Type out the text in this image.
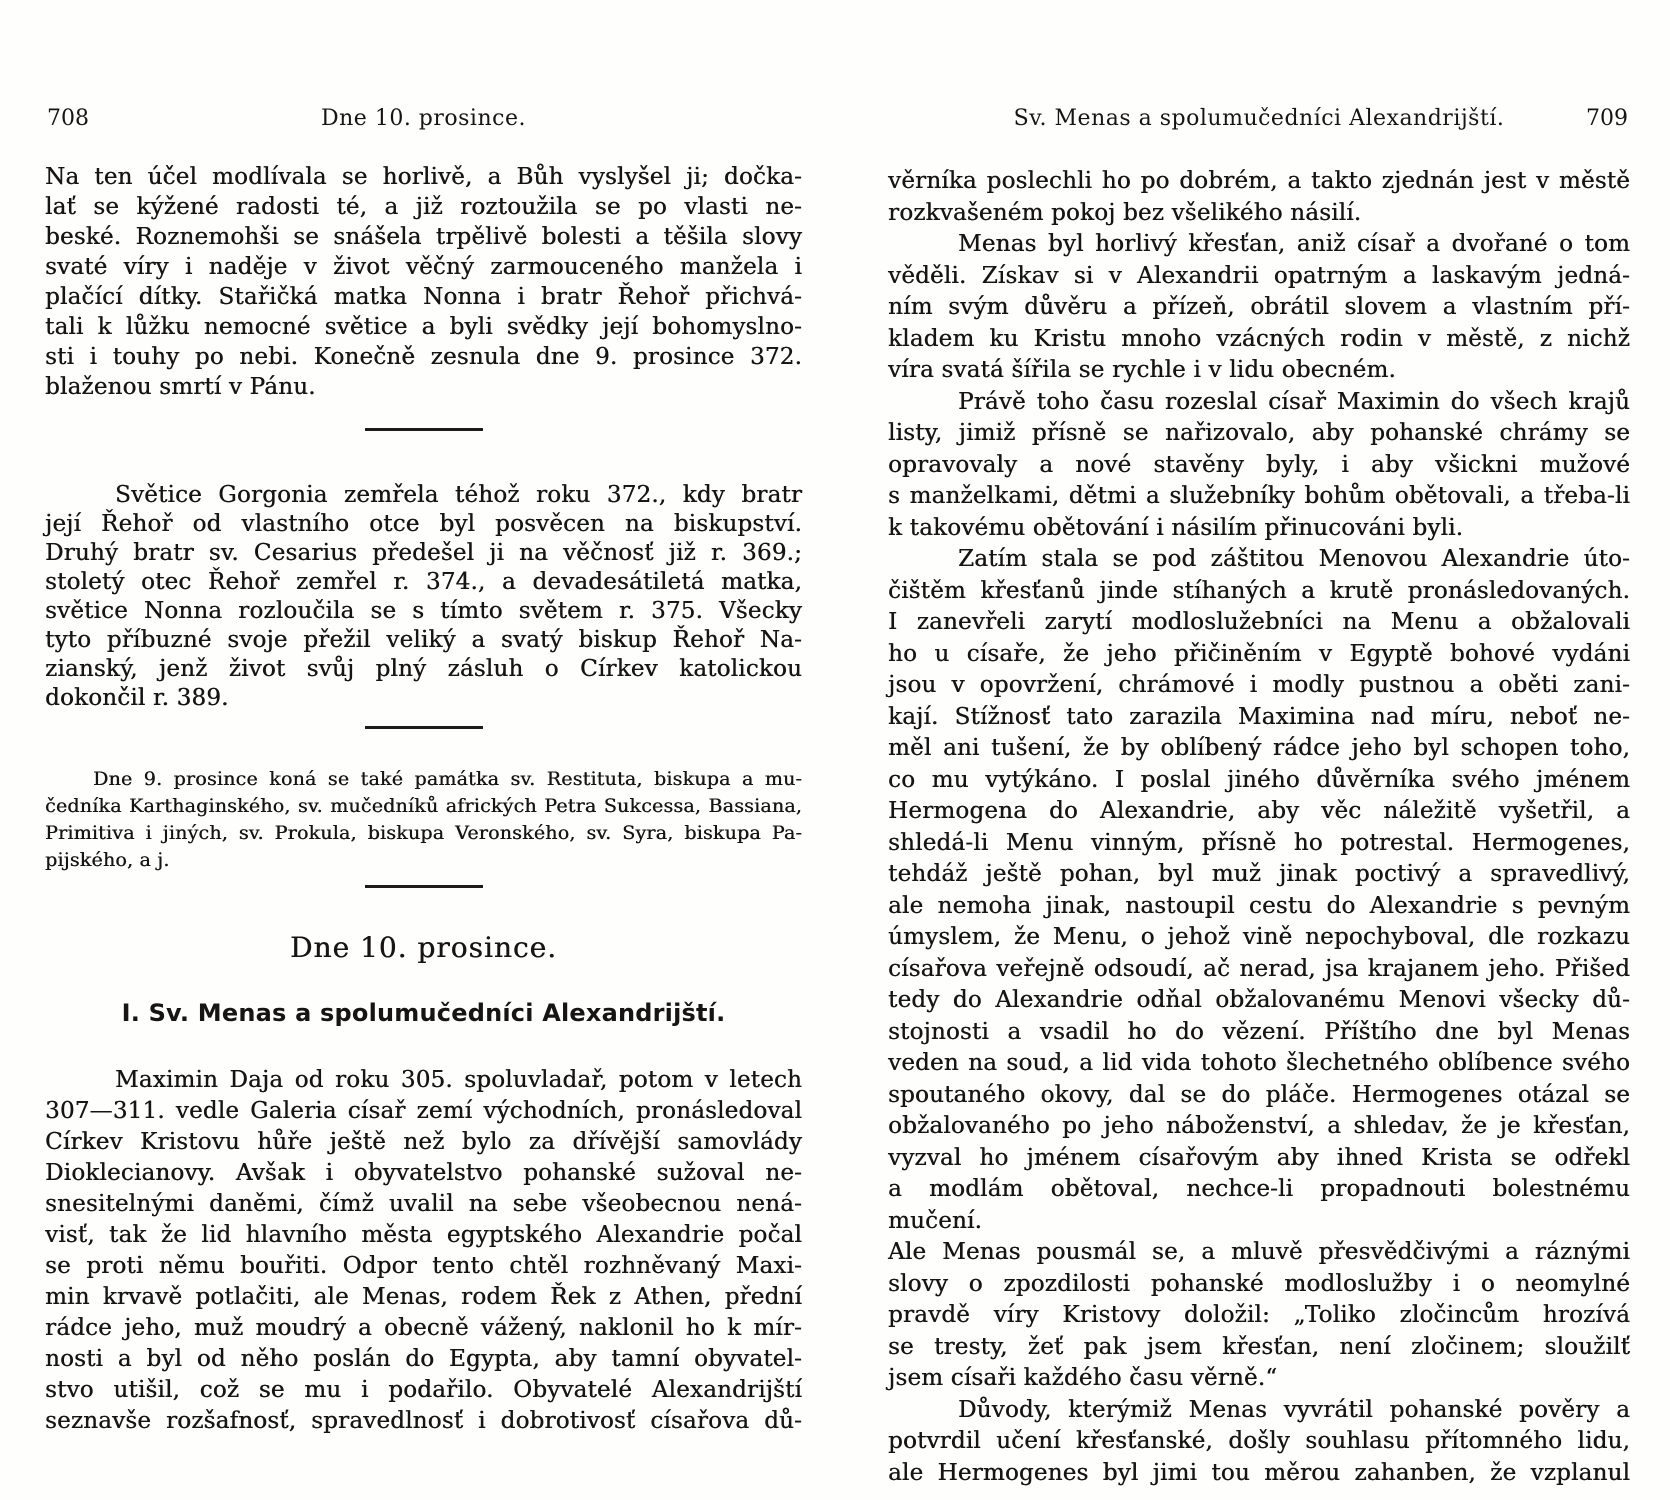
708	Dne 10. prosince.
Na ten účel modlívala se horlivě, a Bůh vyslyšel ji; dočka-
lať se kýžené radosti té, a již roztoužila se po vlasti ne-
beské. Roznemohši se snášela trpělivě bolesti a těšila slovy
svaté víry i naděje v život věčný zarmouceného manžela i
plačící dítky. Stařičká matka Nonna i bratr Řehoř přichvá-
tali k lůžku nemocné světice a byli svědky její bohomyslno-
sti i touhy po nebi. Konečně zesnula dne 9. prosince 372.
blaženou smrtí v Pánu.
Světice Gorgonia zemřela téhož roku 372., kdy bratr
její Řehoř od vlastního otce byl posvěcen na biskupství.
Druhý bratr sv. Cesarius předešel ji na věčnosť již r. 369.;
stoletý otec Řehoř zemřel r. 374., a devadesátiletá matka,
světice Nonna rozloučila se s tímto světem r. 375. Všecky
tyto příbuzné svoje přežil veliký a svatý biskup Řehoř Na-
zianský, jenž život svůj plný zásluh o Církev katolickou
dokončil r. 389.
Dne 9. prosince koná se také památka sv. Restituta, biskupa a mu-
čedníka Karthaginského, sv. mučedníků afrických Petra Sukcessa, Bassiana,
Primitiva i jiných, sv. Prokula, biskupa Veronského, sv. Syra, biskupa Pa-
pijského, a j.
Dne 10. prosince.
I. Sv. Menas a spolumučedníci Alexandrijští.
Maximin Daja od roku 305. spoluvladař, potom v letech
307—311. vedle Galeria císař zemí východních, pronásledoval
Církev Kristovu hůře ještě než bylo za dřívější samovlády
Dioklecianovy. Avšak i obyvatelstvo pohanské sužoval ne-
snesitelnými daněmi, čímž uvalil na sebe všeobecnou nená-
visť, tak že lid hlavního města egyptského Alexandrie počal
se proti němu bouřiti. Odpor tento chtěl rozhněvaný Maxi-
min krvavě potlačiti, ale Menas, rodem Řek z Athen, přední
rádce jeho, muž moudrý a obecně vážený, naklonil ho k mír-
nosti a byl od něho poslán do Egypta, aby tamní obyvatel-
stvo utišil, což se mu i podařilo. Obyvatelé Alexandrijští
seznavše rozšafnosť, spravedlnosť i dobrotivosť císařova dů-
Sv. Menas a spolumučedníci Alexandrijští.	709
věrníka poslechli ho po dobrém, a takto zjednán jest v městě
rozkvašeném pokoj bez všelikého násilí.
Menas byl horlivý křesťan, aniž císař a dvořané o tom
věděli. Získav si v Alexandrii opatrným a laskavým jedná-
ním svým důvěru a přízeň, obrátil slovem a vlastním pří-
kladem ku Kristu mnoho vzácných rodin v městě, z nichž
víra svatá šířila se rychle i v lidu obecném.
Právě toho času rozeslal císař Maximin do všech krajů
listy, jimiž přísně se nařizovalo, aby pohanské chrámy se
opravovaly a nové stavěny byly, i aby všickni mužové
s manželkami, dětmi a služebníky bohům obětovali, a třeba-li
k takovému obětování i násilím přinucováni byli.
Zatím stala se pod záštitou Menovou Alexandrie úto-
čištěm křesťanů jinde stíhaných a krutě pronásledovaných.
I zanevřeli zarytí modloslužebníci na Menu a obžalovali
ho u císaře, že jeho přičiněním v Egyptě bohové vydáni
jsou v opovržení, chrámové i modly pustnou a oběti zani-
kají. Stížnosť tato zarazila Maximina nad míru, neboť ne-
měl ani tušení, že by oblíbený rádce jeho byl schopen toho,
co mu vytýkáno. I poslal jiného důvěrníka svého jménem
Hermogena do Alexandrie, aby věc náležitě vyšetřil, a
shledá-li Menu vinným, přísně ho potrestal. Hermogenes,
tehdáž ještě pohan, byl muž jinak poctivý a spravedlivý,
ale nemoha jinak, nastoupil cestu do Alexandrie s pevným
úmyslem, že Menu, o jehož vině nepochyboval, dle rozkazu
císařova veřejně odsoudí, ač nerad, jsa krajanem jeho. Přišed
tedy do Alexandrie odňal obžalovanému Menovi všecky dů-
stojnosti a vsadil ho do vězení. Příštího dne byl Menas
veden na soud, a lid vida tohoto šlechetného oblíbence svého
spoutaného okovy, dal se do pláče. Hermogenes otázal se
obžalovaného po jeho náboženství, a shledav, že je křesťan,
vyzval ho jménem císařovým aby ihned Krista se odřekl
a modlám obětoval, nechce-li propadnouti bolestnému mučení.
Ale Menas pousmál se, a mluvě přesvědčivými a ráznými
slovy o zpozdilosti pohanské modloslužby i o neomylné
pravdě víry Kristovy doložil: „Toliko zločincům hrozívá
se tresty, žeť pak jsem křesťan, není zločinem; sloužilť
jsem císaři každého času věrně.“
Důvody, kterýmiž Menas vyvrátil pohanské pověry a
potvrdil učení křesťanské, došly souhlasu přítomného lidu,
ale Hermogenes byl jimi tou měrou zahanben, že vzplanul
